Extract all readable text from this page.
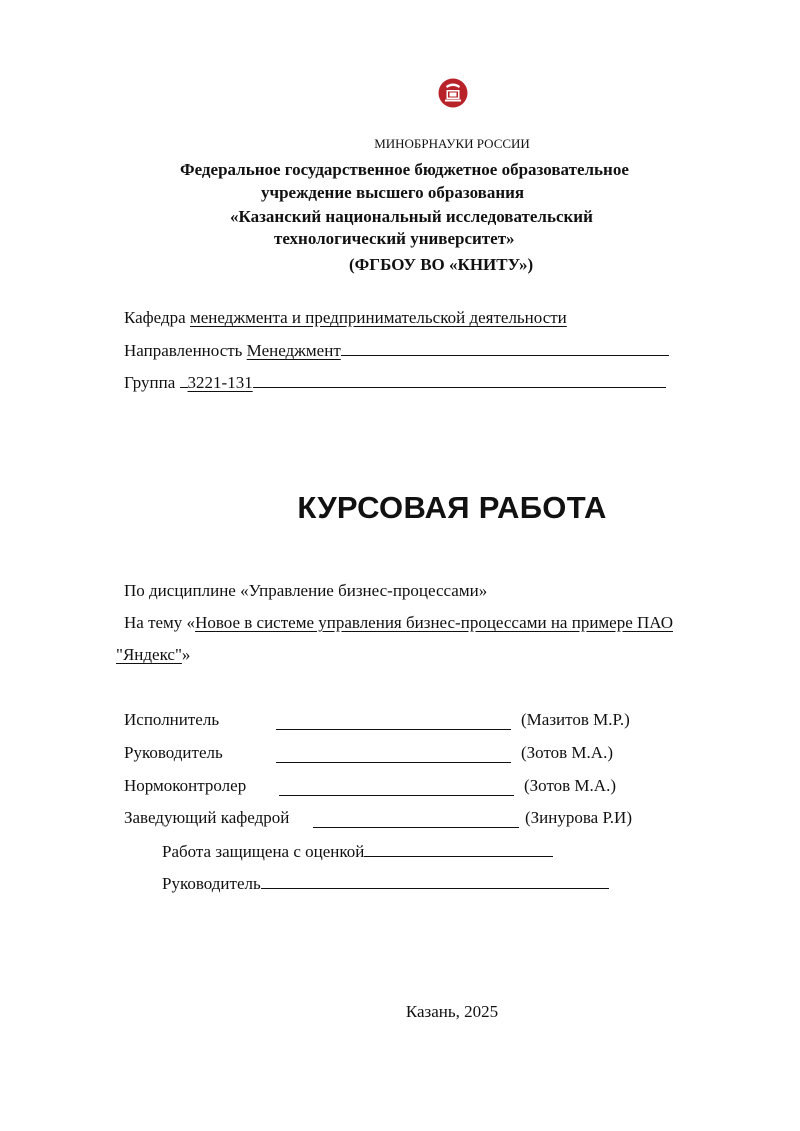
МИНОБРНАУКИ РОССИИ
Федеральное государственное бюджетное образовательное
учреждение высшего образования
«Казанский национальный исследовательский
технологический университет»
(ФГБОУ ВО «КНИТУ»)
Кафедра менеджмента и предпринимательской деятельности
Направленность Менеджмент
Группа 3221-131
КУРСОВАЯ РАБОТА
По дисциплине «Управление бизнес-процессами»
На тему «Новое в системе управления бизнес-процессами на примере ПАО
"Яндекс"»
Исполнитель	(Мазитов М.Р.)
Руководитель	(Зотов М.А.)
Нормоконтролер	(Зотов М.А.)
Заведующий кафедрой	(Зинурова Р.И)
Работа защищена с оценкой
Руководитель
Казань, 2025
